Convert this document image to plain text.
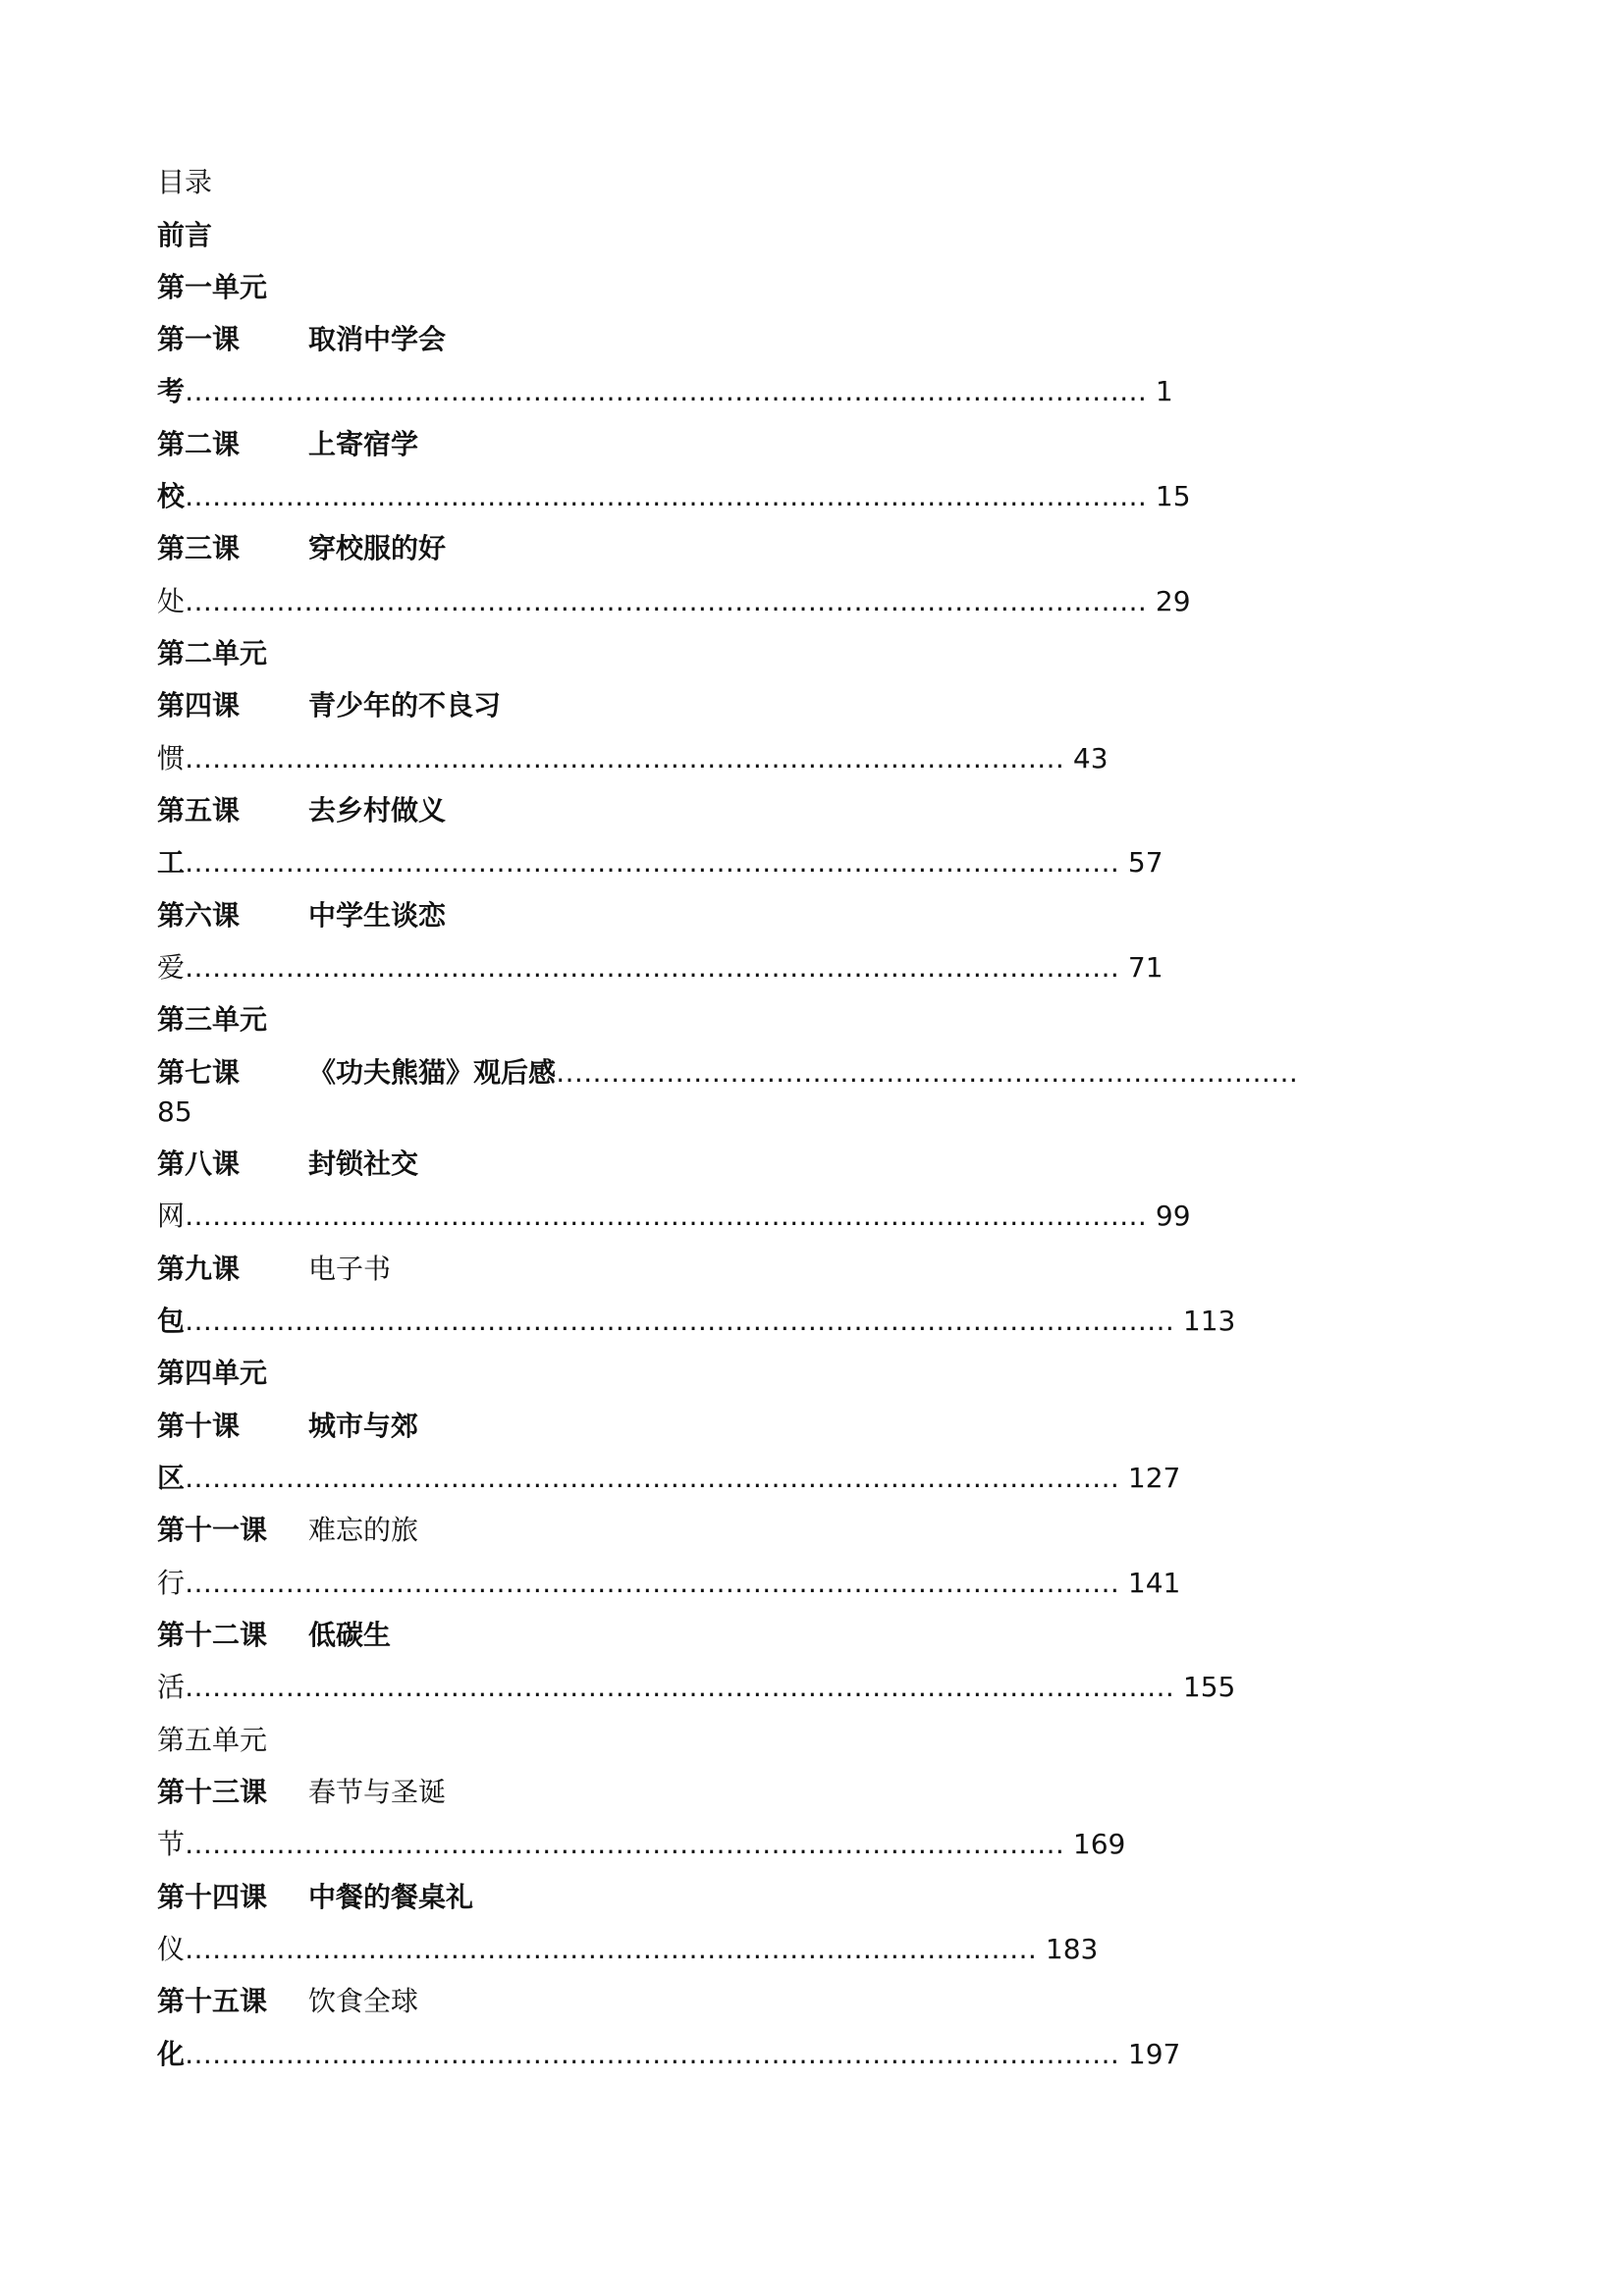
目录
前言
第一单元
第一课 取消中学会
考…………………………………………………………………………………………… 1
第二课 上寄宿学
校…………………………………………………………………………………………… 15
第三课 穿校服的好
处…………………………………………………………………………………………… 29
第二单元
第四课 青少年的不良习
惯…………………………………………………………………………………… 43
第五课 去乡村做义
工………………………………………………………………………………………… 57
第六课 中学生谈恋
爱………………………………………………………………………………………… 71
第三单元
第七课 《功夫熊猫》观后感………………………………………………………………………
85
第八课 封锁社交
网…………………………………………………………………………………………… 99
第九课 电子书
包……………………………………………………………………………………………… 113
第四单元
第十课 城市与郊
区………………………………………………………………………………………… 127
第十一课 难忘的旅
行………………………………………………………………………………………… 141
第十二课 低碳生
活……………………………………………………………………………………………… 155
第五单元
第十三课 春节与圣诞
节…………………………………………………………………………………… 169
第十四课 中餐的餐桌礼
仪………………………………………………………………………………… 183
第十五课 饮食全球
化………………………………………………………………………………………… 197
